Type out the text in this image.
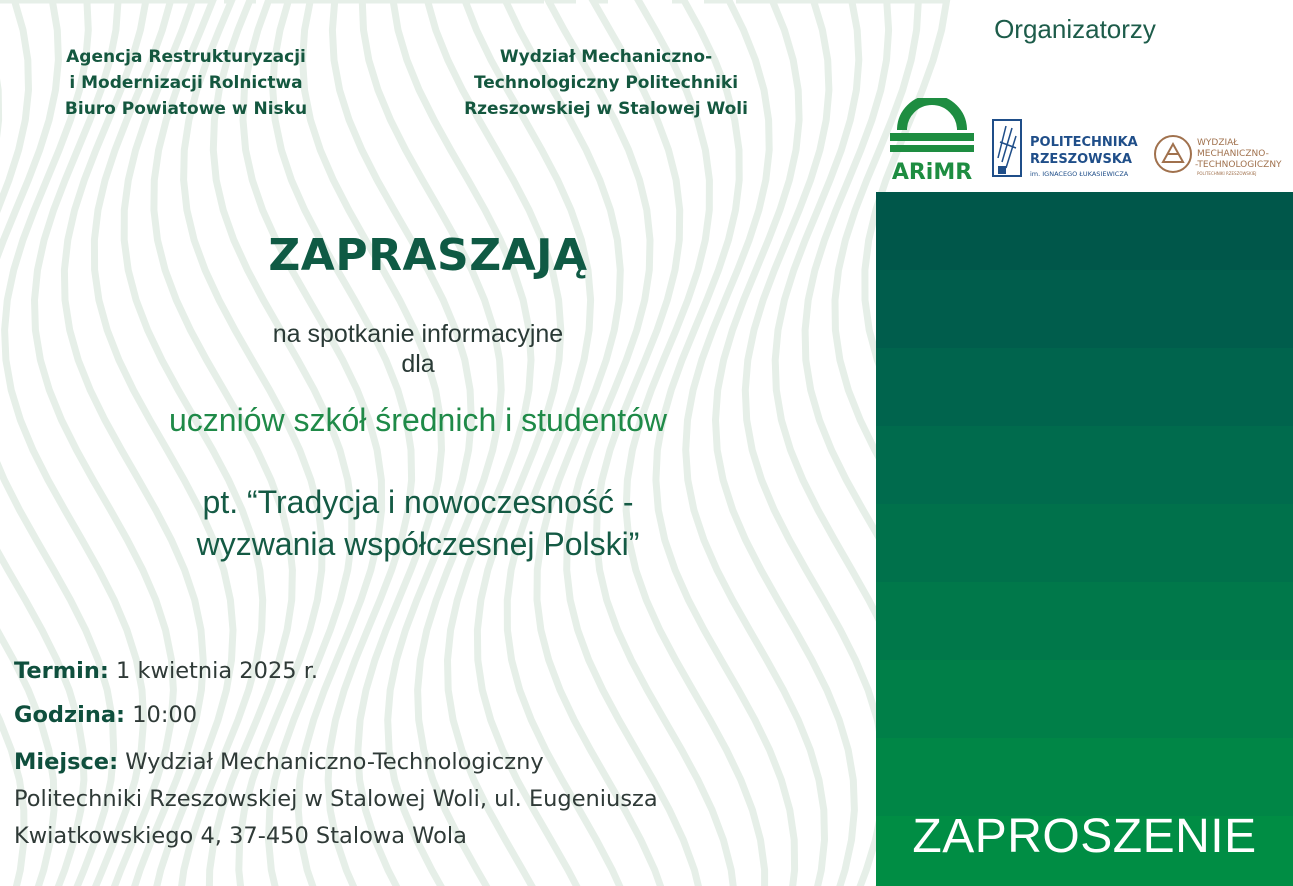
Agencja Restrukturyzacji
i Modernizacji Rolnictwa
Biuro Powiatowe w Nisku
Wydział Mechaniczno-
Technologiczny Politechniki
Rzeszowskiej w Stalowej Woli
Organizatorzy
ARiMR
POLITECHNIKA
RZESZOWSKA
im. IGNACEGO ŁUKASIEWICZA
WYDZIAŁ
MECHANICZNO-
-TECHNOLOGICZNY
POLITECHNIKI RZESZOWSKIEJ
ZAPRASZAJĄ
na spotkanie informacyjne
dla
uczniów szkół średnich i studentów
pt. “Tradycja i nowoczesność -
wyzwania współczesnej Polski”
Termin: 1 kwietnia 2025 r.
Godzina: 10:00
Miejsce: Wydział Mechaniczno-Technologiczny
Politechniki Rzeszowskiej w Stalowej Woli, ul. Eugeniusza
Kwiatkowskiego 4, 37-450 Stalowa Wola	ZAPROSZENIE
